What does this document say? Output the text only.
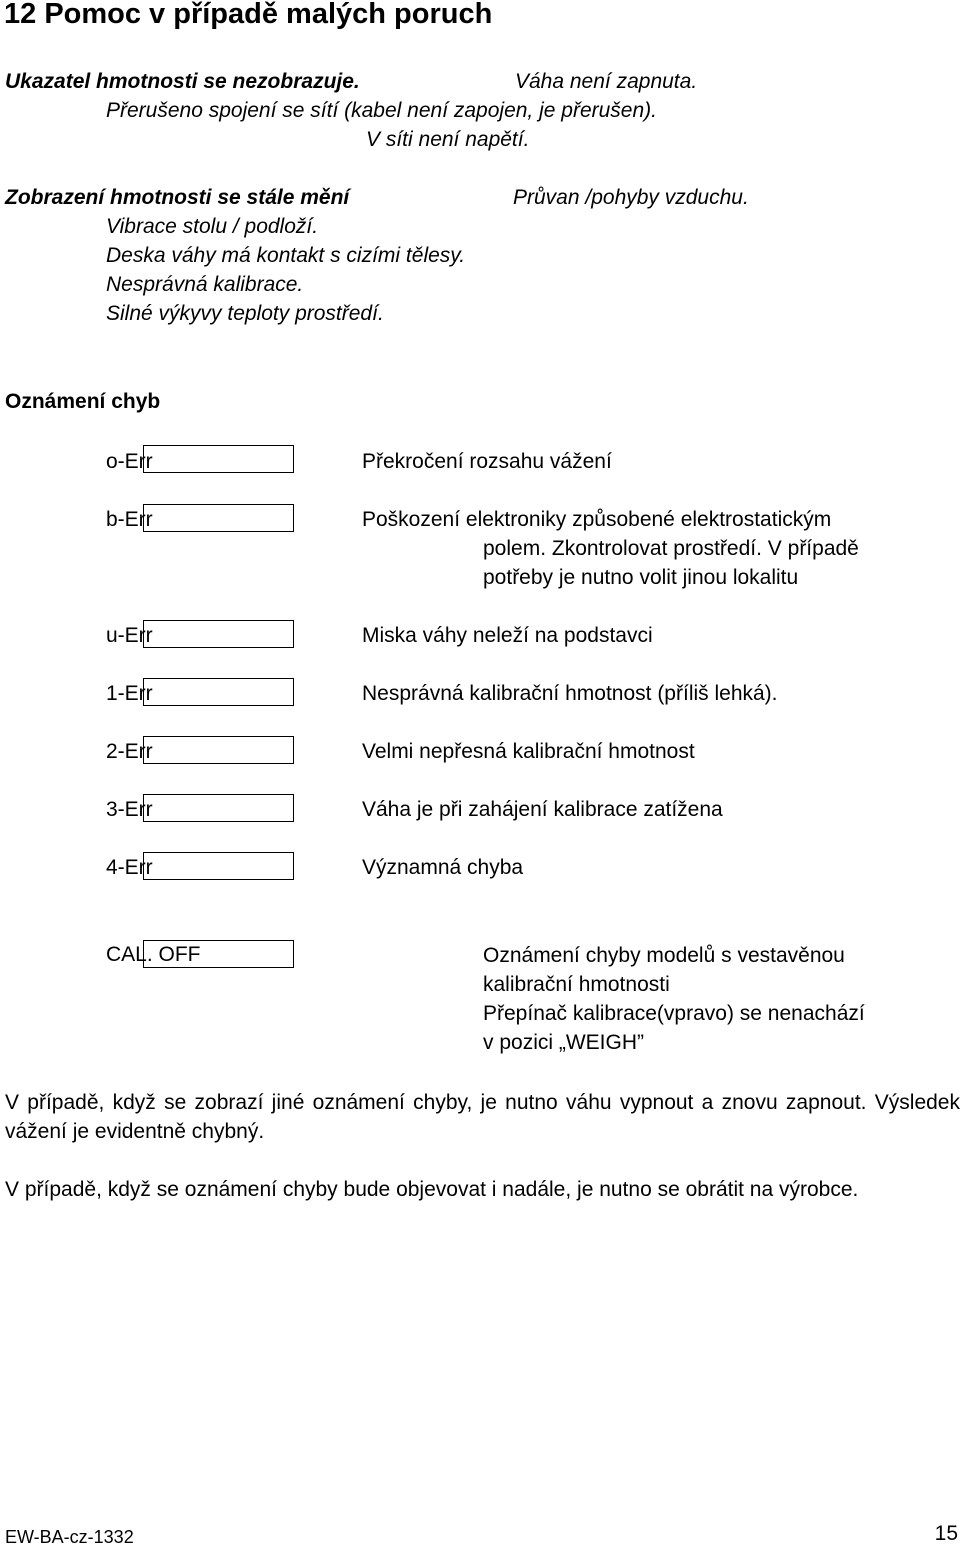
12 Pomoc v případě malých poruch
Ukazatel hmotnosti se nezobrazuje.	Váha není zapnuta.
Přerušeno spojení se sítí (kabel není zapojen, je přerušen).
V síti není napětí.
Zobrazení hmotnosti se stále mění	Průvan /pohyby vzduchu.
Vibrace stolu / podloží.
Deska váhy má kontakt s cizími tělesy.
Nesprávná kalibrace.
Silné výkyvy teploty prostředí.
Oznámení chyb
o-Err	Překročení rozsahu vážení
b-Err	Poškození elektroniky způsobené elektrostatickým
polem. Zkontrolovat prostředí. V případě
potřeby je nutno volit jinou lokalitu
u-Err	Miska váhy neleží na podstavci
1-Err	Nesprávná kalibrační hmotnost (příliš lehká).
2-Err	Velmi nepřesná kalibrační hmotnost
3-Err	Váha je při zahájení kalibrace zatížena
4-Err	Významná chyba
CAL. OFF	Oznámení chyby modelů s vestavěnou
kalibrační hmotnosti
Přepínač kalibrace(vpravo) se nenachází
v pozici „WEIGH”
V případě, když se zobrazí jiné oznámení chyby, je nutno váhu vypnout a znovu zapnout. Výsledek vážení je evidentně chybný.
V případě, když se oznámení chyby bude objevovat i nadále, je nutno se obrátit na výrobce.
EW-BA-cz-1332	15
